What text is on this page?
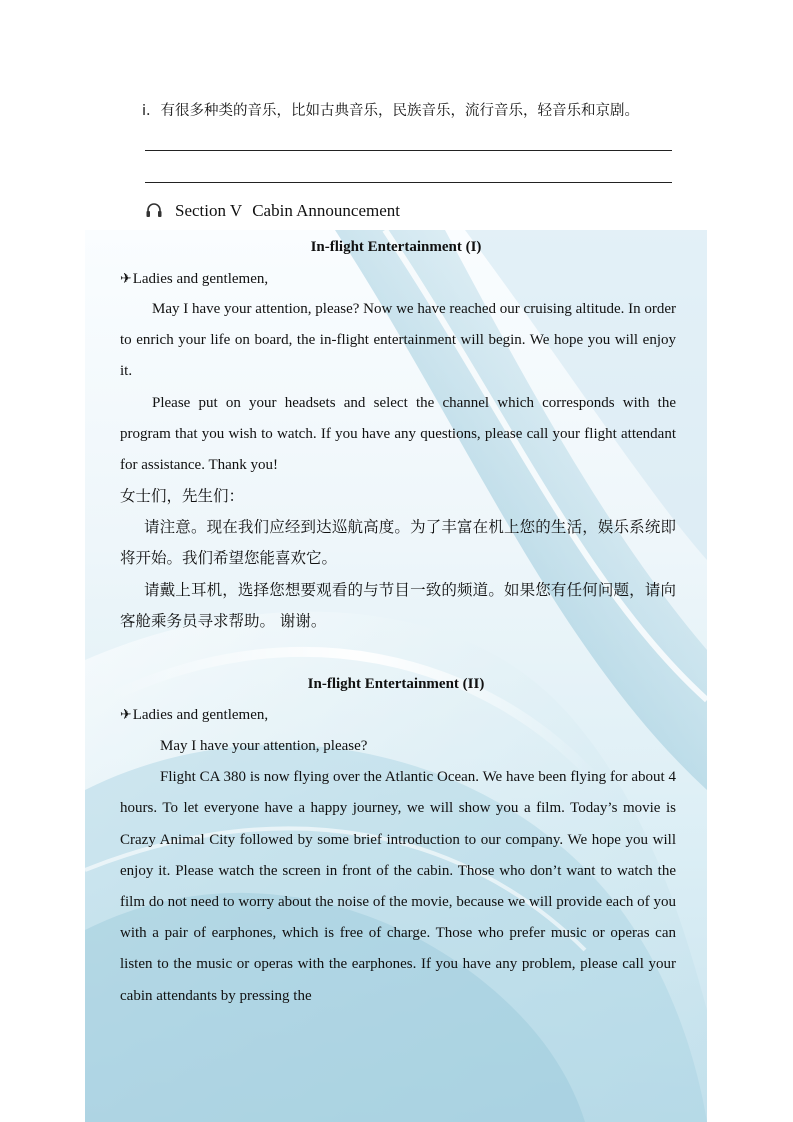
i．有很多种类的音乐，比如古典音乐，民族音乐，流行音乐，轻音乐和京剧。
Section V Cabin Announcement
In-flight Entertainment (I)
✈Ladies and gentlemen,

May I have your attention, please? Now we have reached our cruising altitude. In order to enrich your life on board, the in-flight entertainment will begin. We hope you will enjoy it.

Please put on your headsets and select the channel which corresponds with the program that you wish to watch. If you have any questions, please call your flight attendant for assistance. Thank you!

女士们，先生们：

请注意。现在我们应经到达巡航高度。为了丰富在机上您的生活，娱乐系统即将开始。我们希望您能喜欢它。

请戴上耳机，选择您想要观看的与节目一致的频道。如果您有任何问题，请向客舱乘务员寻求帮助。 谢谢。

In-flight Entertainment (II)
✈Ladies and gentlemen,

May I have your attention, please?

Flight CA 380 is now flying over the Atlantic Ocean. We have been flying for about 4 hours. To let everyone have a happy journey, we will show you a film. Today’s movie is Crazy Animal City followed by some brief introduction to our company. We hope you will enjoy it. Please watch the screen in front of the cabin. Those who don’t want to watch the film do not need to worry about the noise of the movie, because we will provide each of you with a pair of earphones, which is free of charge. Those who prefer music or operas can listen to the music or operas with the earphones. If you have any problem, please call your cabin attendants by pressing the
